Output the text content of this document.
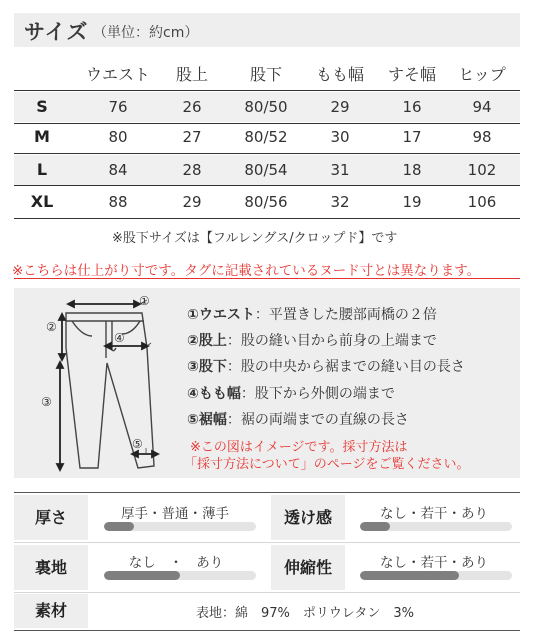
サイズ （単位：約cm）
ウエスト	股上	股下	もも幅	すそ幅	ヒップ
S	76	26	80/50	29	16	94
M	80	27	80/52	30	17	98
L	84	28	80/54	31	18	102
XL	88	29	80/56	32	19	106
※股下サイズは【フルレングス/クロップド】です
※こちらは仕上がり寸です。タグに記載されているヌード寸とは異なります。
①
②
③
④
⑤
①ウエスト：平置きした腰部両橋の２倍
②股上：股の縫い目から前身の上端まで
③股下：股の中央から裾までの縫い目の長さ
④もも幅：股下から外側の端まで
⑤裾幅：裾の両端までの直線の長さ
※この図はイメージです。採寸方法は
「採寸方法について」のページをご覧ください。
厚さ	厚手・普通・薄手	透け感	なし・若干・あり
裏地	なし　・　あり	伸縮性	なし・若干・あり
素材	表地：綿　97%　ポリウレタン　3%
